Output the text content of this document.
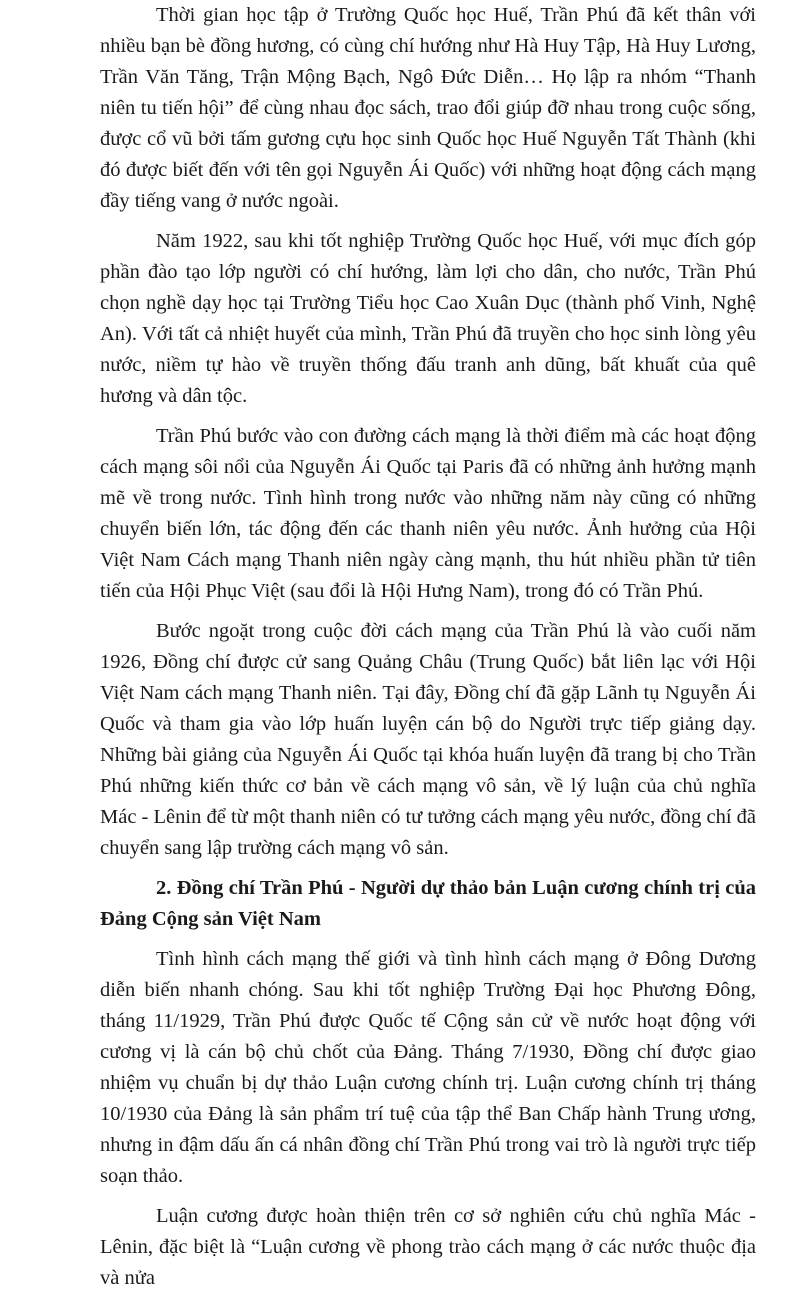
Thời gian học tập ở Trường Quốc học Huế, Trần Phú đã kết thân với nhiều bạn bè đồng hương, có cùng chí hướng như Hà Huy Tập, Hà Huy Lương, Trần Văn Tăng, Trận Mộng Bạch, Ngô Đức Diễn… Họ lập ra nhóm “Thanh niên tu tiến hội” để cùng nhau đọc sách, trao đổi giúp đỡ nhau trong cuộc sống, được cổ vũ bởi tấm gương cựu học sinh Quốc học Huế Nguyễn Tất Thành (khi đó được biết đến với tên gọi Nguyễn Ái Quốc) với những hoạt động cách mạng đầy tiếng vang ở nước ngoài.

Năm 1922, sau khi tốt nghiệp Trường Quốc học Huế, với mục đích góp phần đào tạo lớp người có chí hướng, làm lợi cho dân, cho nước, Trần Phú chọn nghề dạy học tại Trường Tiểu học Cao Xuân Dục (thành phố Vinh, Nghệ An). Với tất cả nhiệt huyết của mình, Trần Phú đã truyền cho học sinh lòng yêu nước, niềm tự hào về truyền thống đấu tranh anh dũng, bất khuất của quê hương và dân tộc.

Trần Phú bước vào con đường cách mạng là thời điểm mà các hoạt động cách mạng sôi nổi của Nguyễn Ái Quốc tại Paris đã có những ảnh hưởng mạnh mẽ về trong nước. Tình hình trong nước vào những năm này cũng có những chuyển biến lớn, tác động đến các thanh niên yêu nước. Ảnh hưởng của Hội Việt Nam Cách mạng Thanh niên ngày càng mạnh, thu hút nhiều phần tử tiên tiến của Hội Phục Việt (sau đổi là Hội Hưng Nam), trong đó có Trần Phú.

Bước ngoặt trong cuộc đời cách mạng của Trần Phú là vào cuối năm 1926, Đồng chí được cử sang Quảng Châu (Trung Quốc) bắt liên lạc với Hội Việt Nam cách mạng Thanh niên. Tại đây, Đồng chí đã gặp Lãnh tụ Nguyễn Ái Quốc và tham gia vào lớp huấn luyện cán bộ do Người trực tiếp giảng dạy. Những bài giảng của Nguyễn Ái Quốc tại khóa huấn luyện đã trang bị cho Trần Phú những kiến thức cơ bản về cách mạng vô sản, về lý luận của chủ nghĩa Mác - Lênin để từ một thanh niên có tư tưởng cách mạng yêu nước, đồng chí đã chuyển sang lập trường cách mạng vô sản.

2. Đồng chí Trần Phú - Người dự thảo bản Luận cương chính trị của Đảng Cộng sản Việt Nam

Tình hình cách mạng thế giới và tình hình cách mạng ở Đông Dương diễn biến nhanh chóng. Sau khi tốt nghiệp Trường Đại học Phương Đông, tháng 11/1929, Trần Phú được Quốc tế Cộng sản cử về nước hoạt động với cương vị là cán bộ chủ chốt của Đảng. Tháng 7/1930, Đồng chí được giao nhiệm vụ chuẩn bị dự thảo Luận cương chính trị. Luận cương chính trị tháng 10/1930 của Đảng là sản phẩm trí tuệ của tập thể Ban Chấp hành Trung ương, nhưng in đậm dấu ấn cá nhân đồng chí Trần Phú trong vai trò là người trực tiếp soạn thảo.

Luận cương được hoàn thiện trên cơ sở nghiên cứu chủ nghĩa Mác - Lênin, đặc biệt là “Luận cương về phong trào cách mạng ở các nước thuộc địa và nửa
